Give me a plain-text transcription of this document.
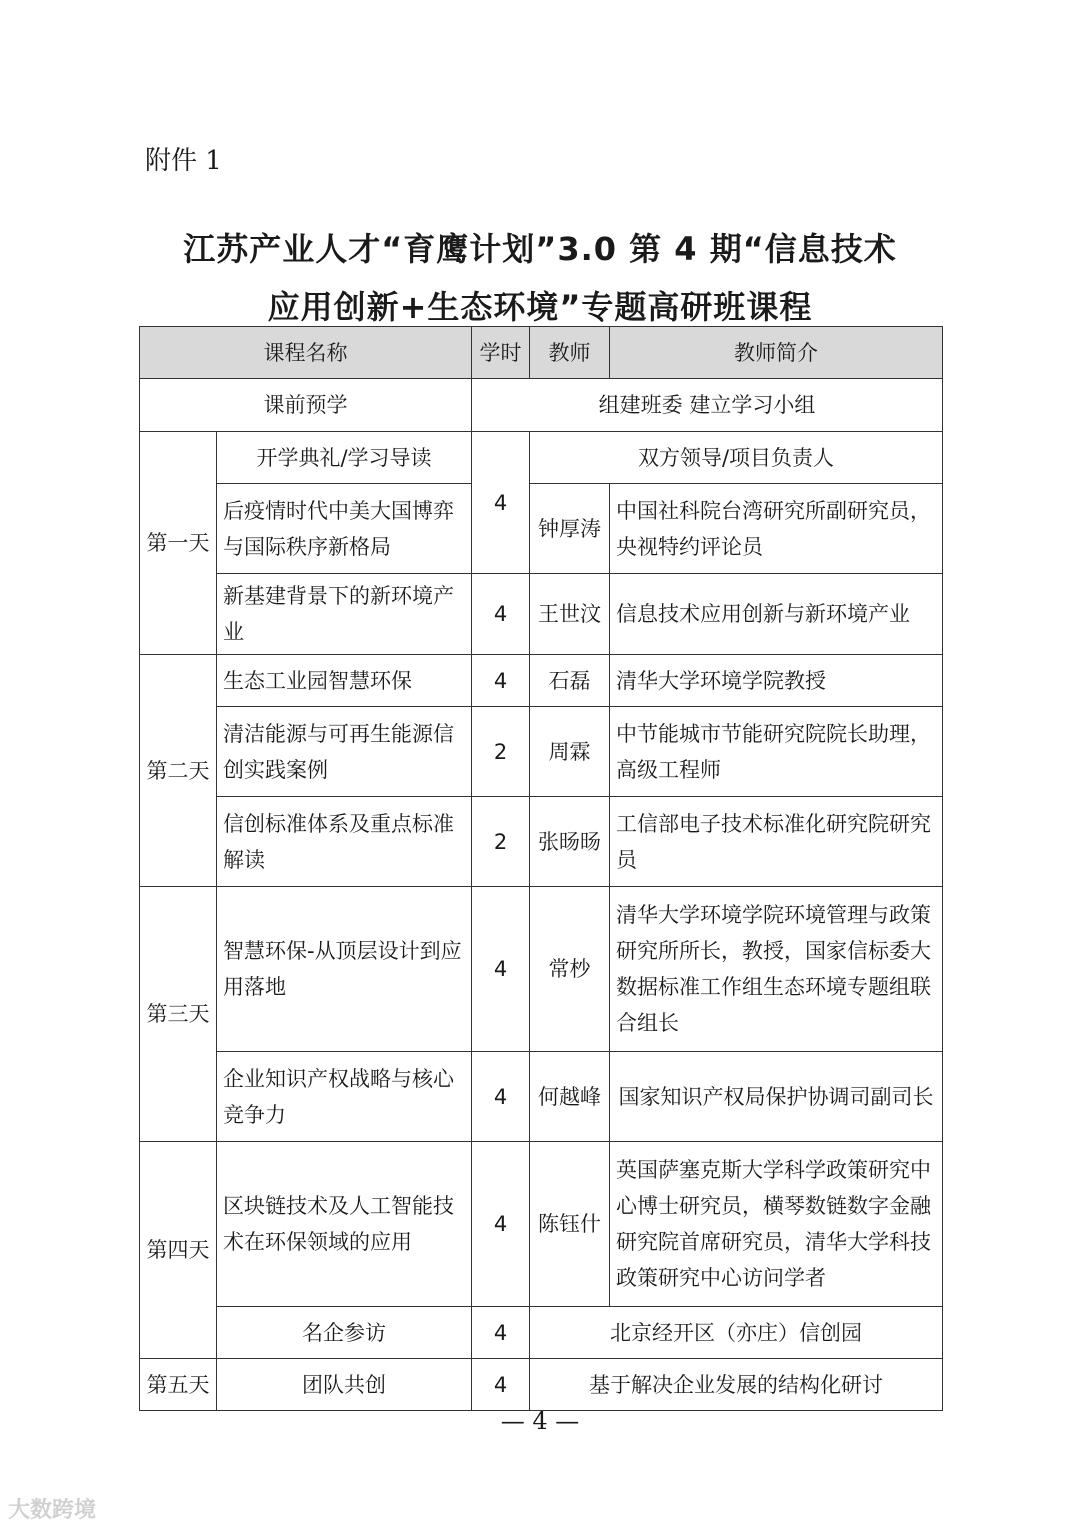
附件 1
江苏产业人才“育鹰计划”3.0 第 4 期“信息技术
应用创新+生态环境”专题高研班课程
课程名称		学时	教师	教师简介
课前预学		组建班委 建立学习小组		
第一天	开学典礼/学习导读	4	双方领导/项目负责人	
	后疫情时代中美大国博弈与国际秩序新格局		钟厚涛	中国社科院台湾研究所副研究员，央视特约评论员
	新基建背景下的新环境产业	4	王世汶	信息技术应用创新与新环境产业
第二天	生态工业园智慧环保	4	石磊	清华大学环境学院教授
	清洁能源与可再生能源信创实践案例	2	周霖	中节能城市节能研究院院长助理，高级工程师
	信创标准体系及重点标准解读	2	张旸旸	工信部电子技术标准化研究院研究员
第三天	智慧环保-从顶层设计到应用落地	4	常杪	清华大学环境学院环境管理与政策研究所所长，教授，国家信标委大数据标准工作组生态环境专题组联合组长
	企业知识产权战略与核心竞争力	4	何越峰	国家知识产权局保护协调司副司长
第四天	区块链技术及人工智能技术在环保领域的应用	4	陈钰什	英国萨塞克斯大学科学政策研究中心博士研究员，横琴数链数字金融研究院首席研究员，清华大学科技政策研究中心访问学者
	名企参访	4	北京经开区（亦庄）信创园	
第五天	团队共创	4	基于解决企业发展的结构化研讨	
— 4 —
大数跨境
